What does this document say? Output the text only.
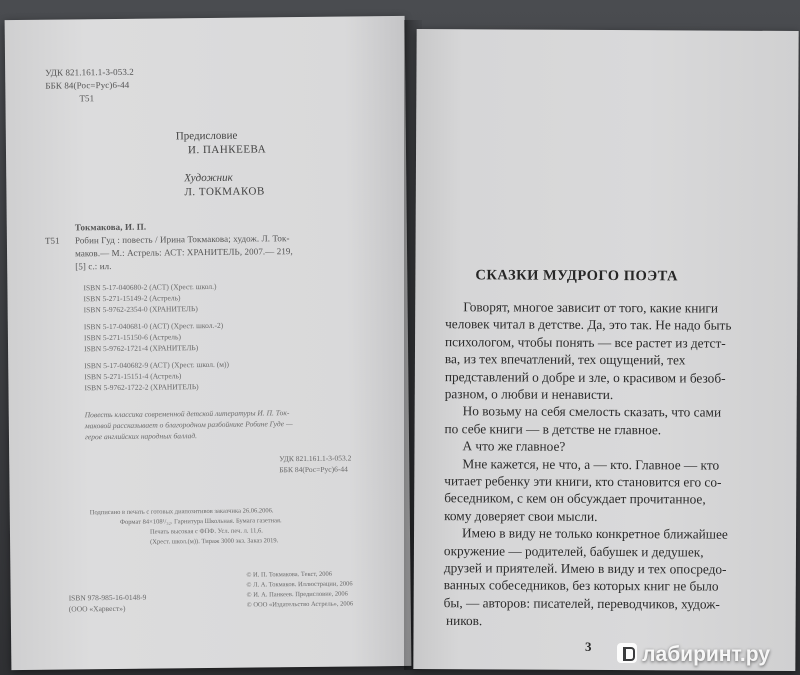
УДК 821.161.1-3-053.2
ББК 84(Рос=Рус)6-44
Т51
Предисловие
И. ПАНКЕЕВА
Художник
Л. ТОКМАКОВ
Токмакова, И. П.
Т51 Робин Гуд : повесть / Ирина Токмакова; худож. Л. Ток-
маков.— М.: Астрель: АСТ: ХРАНИТЕЛЬ, 2007.— 219,
[5] с.: ил.
ISBN 5-17-040680-2 (АСТ) (Хрест. школ.)
ISBN 5-271-15149-2 (Астрель)
ISBN 5-9762-2354-0 (ХРАНИТЕЛЬ)
ISBN 5-17-040681-0 (АСТ) (Хрест. школ.-2)
ISBN 5-271-15150-6 (Астрель)
ISBN 5-9762-1721-4 (ХРАНИТЕЛЬ)
ISBN 5-17-040682-9 (АСТ) (Хрест. школ. (м))
ISBN 5-271-15151-4 (Астрель)
ISBN 5-9762-1722-2 (ХРАНИТЕЛЬ)
Повесть классика современной детской литературы И. П. Ток-
маковой рассказывает о благородном разбойнике Робине Гуде —
герое английских народных баллад.
УДК 821.161.1-3-053.2
ББК 84(Рос=Рус)6-44
Подписано в печать с готовых диапозитивов заказчика 26.06.2006.
Формат 84×108¹/₃₂. Гарнитура Школьная. Бумага газетная.
Печать высокая с ФПФ. Усл. печ. л. 11,6.
(Хрест. школ.(м)). Тираж 3000 экз. Заказ 2019.
© И. П. Токмакова. Текст, 2006
© Л. А. Токмаков. Иллюстрации, 2006
© И. А. Панкеев. Предисловие, 2006
© ООО «Издательство Астрель», 2006
ISBN 978-985-16-0148-9
(ООО «Харвест»)
СКАЗКИ МУДРОГО ПОЭТА
Говорят, многое зависит от того, какие книги
человек читал в детстве. Да, это так. Не надо быть
психологом, чтобы понять — все растет из детст-
ва, из тех впечатлений, тех ощущений, тех
представлений о добре и зле, о красивом и безоб-
разном, о любви и ненависти.
Но возьму на себя смелость сказать, что сами
по себе книги — в детстве не главное.
А что же главное?
Мне кажется, не что, а — кто. Главное — кто
читает ребенку эти книги, кто становится его со-
беседником, с кем он обсуждает прочитанное,
кому доверяет свои мысли.
Имею в виду не только конкретное ближайшее
окружение — родителей, бабушек и дедушек,
друзей и приятелей. Имею в виду и тех опосредо-
ванных собеседников, без которых книг не было
бы, — авторов: писателей, переводчиков, худож-
ников.
3	лабиринт.ру
